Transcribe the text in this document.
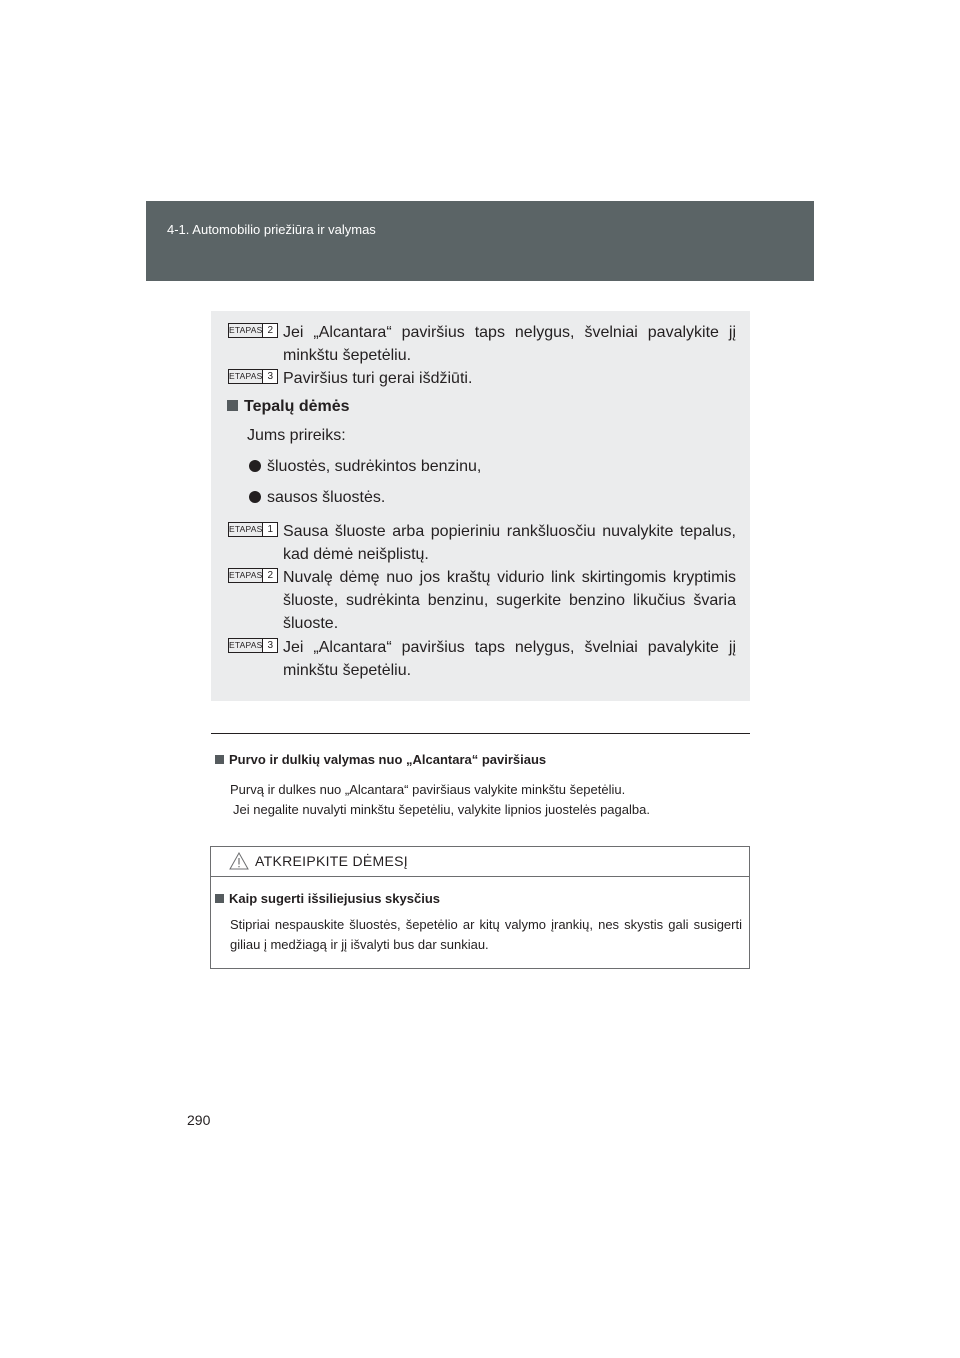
4-1. Automobilio priežiūra ir valymas
ETAPAS 2 Jei „Alcantara“ paviršius taps nelygus, švelniai pavalykite jį minkštu šepetėliu.
ETAPAS 3 Paviršius turi gerai išdžiūti.
Tepalų dėmės
Jums prireiks:
šluostės, sudrėkintos benzinu,
sausos šluostės.
ETAPAS 1 Sausa šluoste arba popieriniu rankšluosčiu nuvalykite tepalus, kad dėmė neišplistų.
ETAPAS 2 Nuvalę dėmę nuo jos kraštų vidurio link skirtingomis kryptimis šluoste, sudrėkinta benzinu, sugerkite benzino likučius švaria šluoste.
ETAPAS 3 Jei „Alcantara“ paviršius taps nelygus, švelniai pavalykite jį minkštu šepetėliu.
Purvo ir dulkių valymas nuo „Alcantara“ paviršiaus
Purvą ir dulkes nuo „Alcantara“ paviršiaus valykite minkštu šepetėliu.
Jei negalite nuvalyti minkštu šepetėliu, valykite lipnios juostelės pagalba.
ATKREIPKITE DĖMESĮ
Kaip sugerti išsiliejusius skysčius
Stipriai nespauskite šluostės, šepetėlio ar kitų valymo įrankių, nes skystis gali susigerti giliau į medžiagą ir jį išvalyti bus dar sunkiau.
290
